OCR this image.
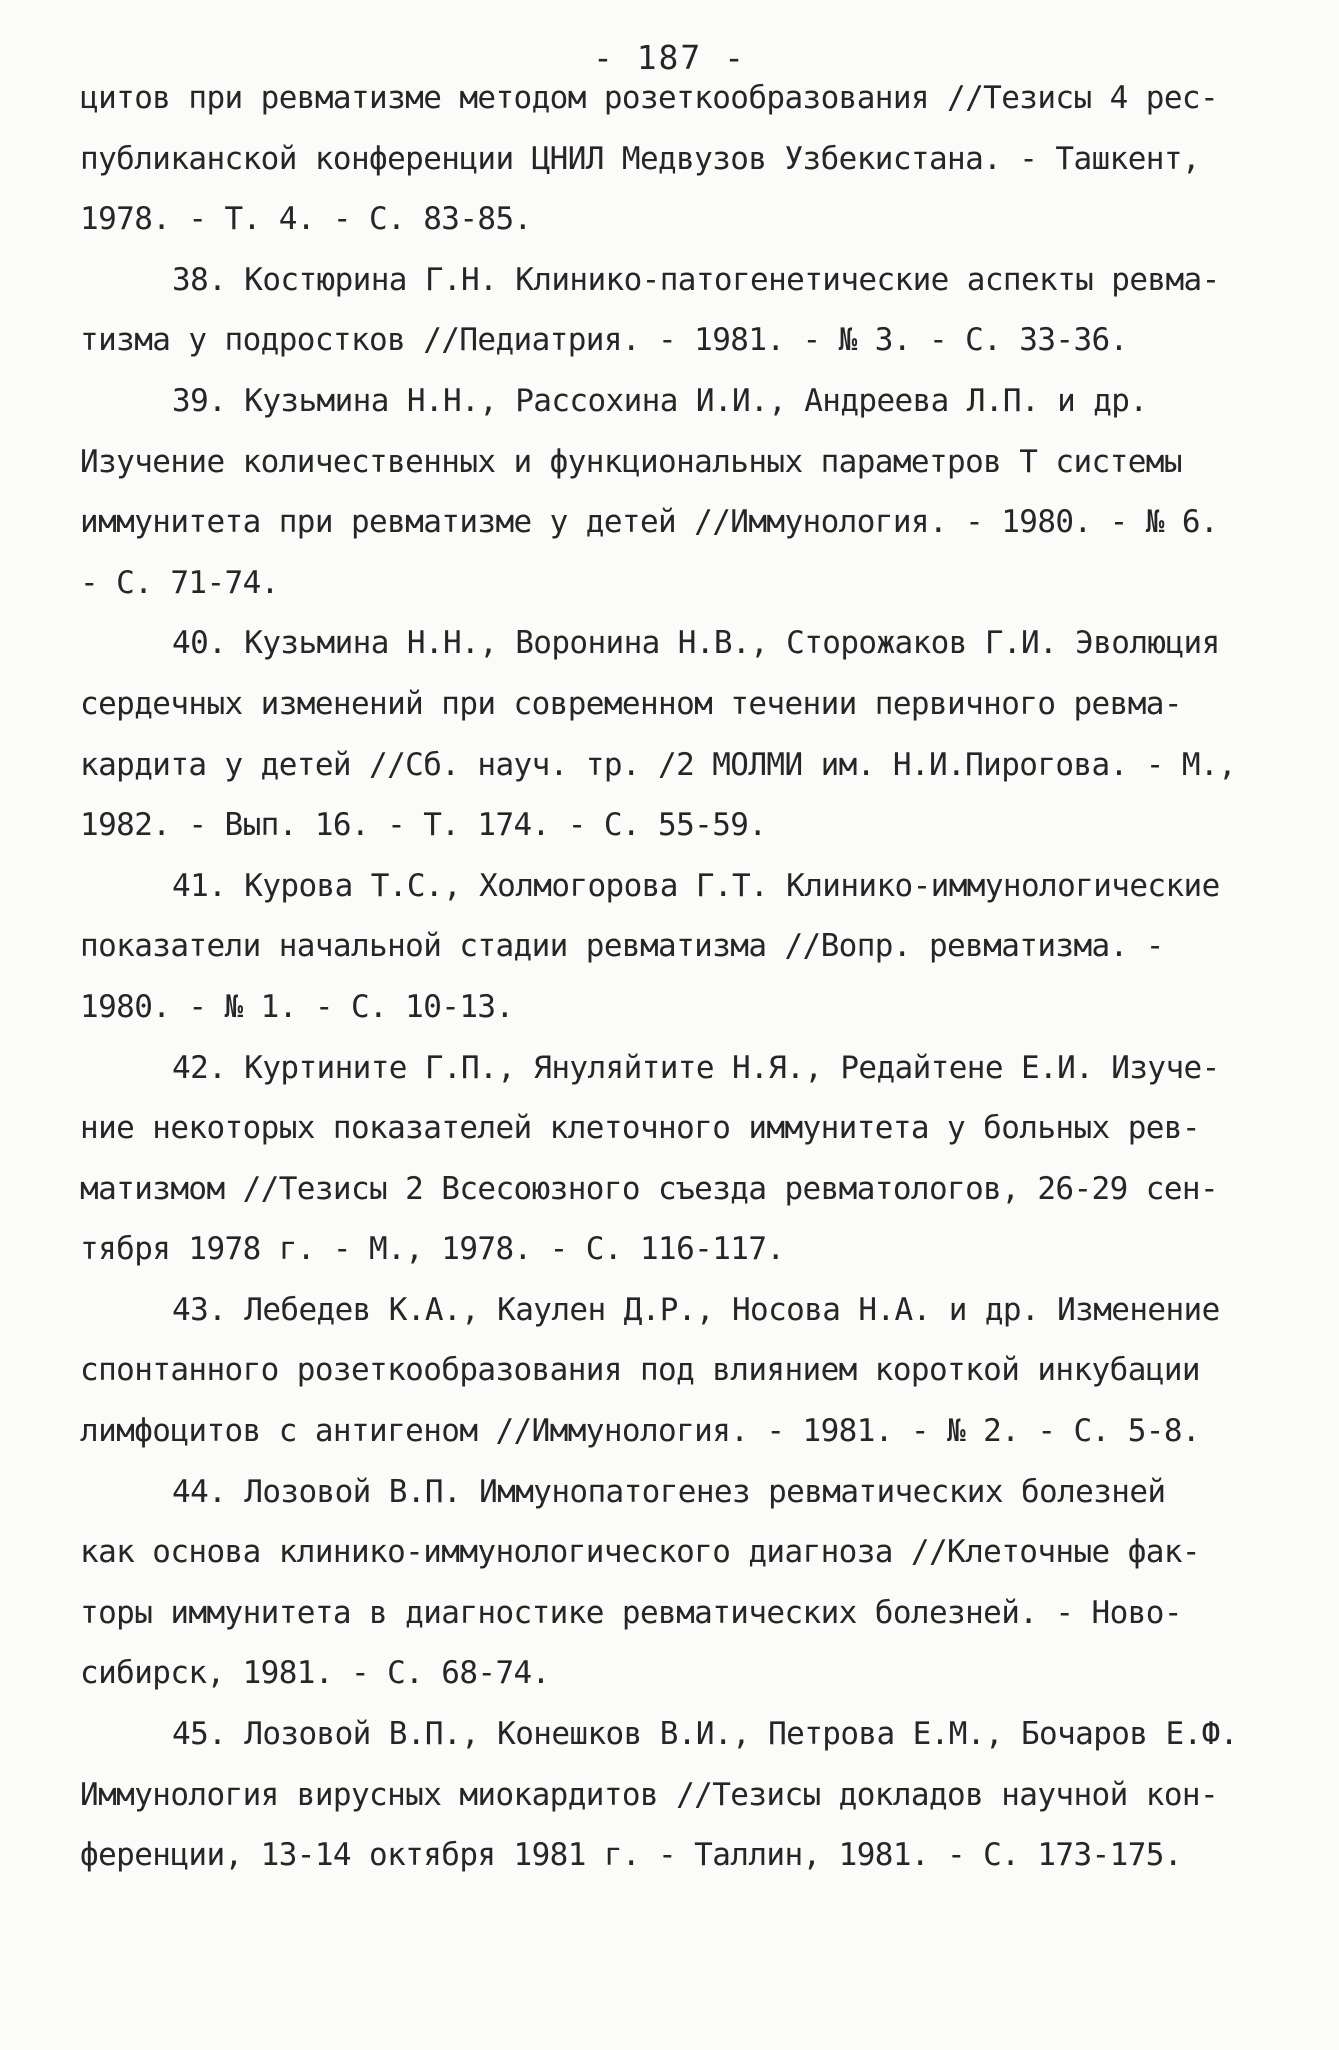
- 187 -
цитов при ревматизме методом розеткообразования //Тезисы 4 рес-
публиканской конференции ЦНИЛ Медвузов Узбекистана. - Ташкент,
1978. - Т. 4. - С. 83-85.
38. Костюрина Г.Н. Клинико-патогенетические аспекты ревма-
тизма у подростков //Педиатрия. - 1981. - № 3. - С. 33-36.
39. Кузьмина Н.Н., Рассохина И.И., Андреева Л.П. и др.
Изучение количественных и функциональных параметров Т системы
иммунитета при ревматизме у детей //Иммунология. - 1980. - № 6.
- С. 71-74.
40. Кузьмина Н.Н., Воронина Н.В., Сторожаков Г.И. Эволюция
сердечных изменений при современном течении первичного ревма-
кардита у детей //Сб. науч. тр. /2 МОЛМИ им. Н.И.Пирогова. - М.,
1982. - Вып. 16. - Т. 174. - С. 55-59.
41. Курова Т.С., Холмогорова Г.Т. Клинико-иммунологические
показатели начальной стадии ревматизма //Вопр. ревматизма. -
1980. - № 1. - С. 10-13.
42. Куртините Г.П., Януляйтите Н.Я., Редайтене Е.И. Изуче-
ние некоторых показателей клеточного иммунитета у больных рев-
матизмом //Тезисы 2 Всесоюзного съезда ревматологов, 26-29 сен-
тября 1978 г. - М., 1978. - С. 116-117.
43. Лебедев К.А., Каулен Д.Р., Носова Н.А. и др. Изменение
спонтанного розеткообразования под влиянием короткой инкубации
лимфоцитов с антигеном //Иммунология. - 1981. - № 2. - С. 5-8.
44. Лозовой В.П. Иммунопатогенез ревматических болезней
как основа клинико-иммунологического диагноза //Клеточные фак-
торы иммунитета в диагностике ревматических болезней. - Ново-
сибирск, 1981. - С. 68-74.
45. Лозовой В.П., Конешков В.И., Петрова Е.М., Бочаров Е.Ф.
Иммунология вирусных миокардитов //Тезисы докладов научной кон-
ференции, 13-14 октября 1981 г. - Таллин, 1981. - С. 173-175.
